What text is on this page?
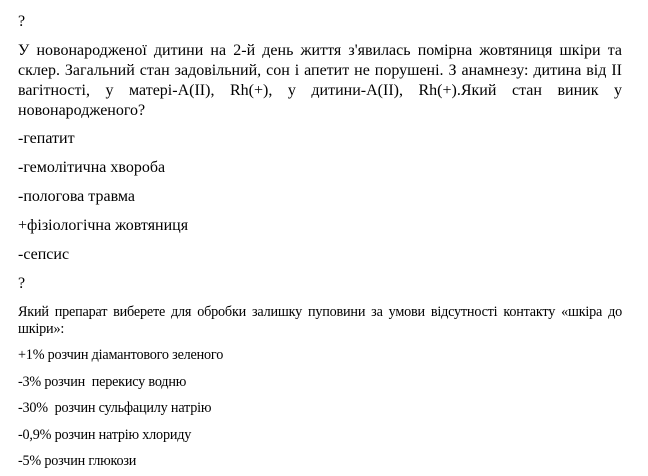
?
У новонародженої дитини на 2-й день життя з'явилась помірна жовтяниця шкіри та
склер. Загальний стан задовільний, сон і апетит не порушені. З анамнезу: дитина від ІІ
вагітності, у матері-А(ІІ), Rh(+), у дитини-А(ІІ), Rh(+).Який стан виник у
новонародженого?
-гепатит
-гемолітична хвороба
-пологова травма
+фізіологічна жовтяниця
-сепсис
?
Який препарат виберете для обробки залишку пуповини за умови відсутності контакту «шкіра до
шкіри»:
+1% розчин діамантового зеленого
-3% розчин  перекису водню
-30%  розчин сульфацилу натрію
-0,9% розчин натрію хлориду
-5% розчин глюкози
